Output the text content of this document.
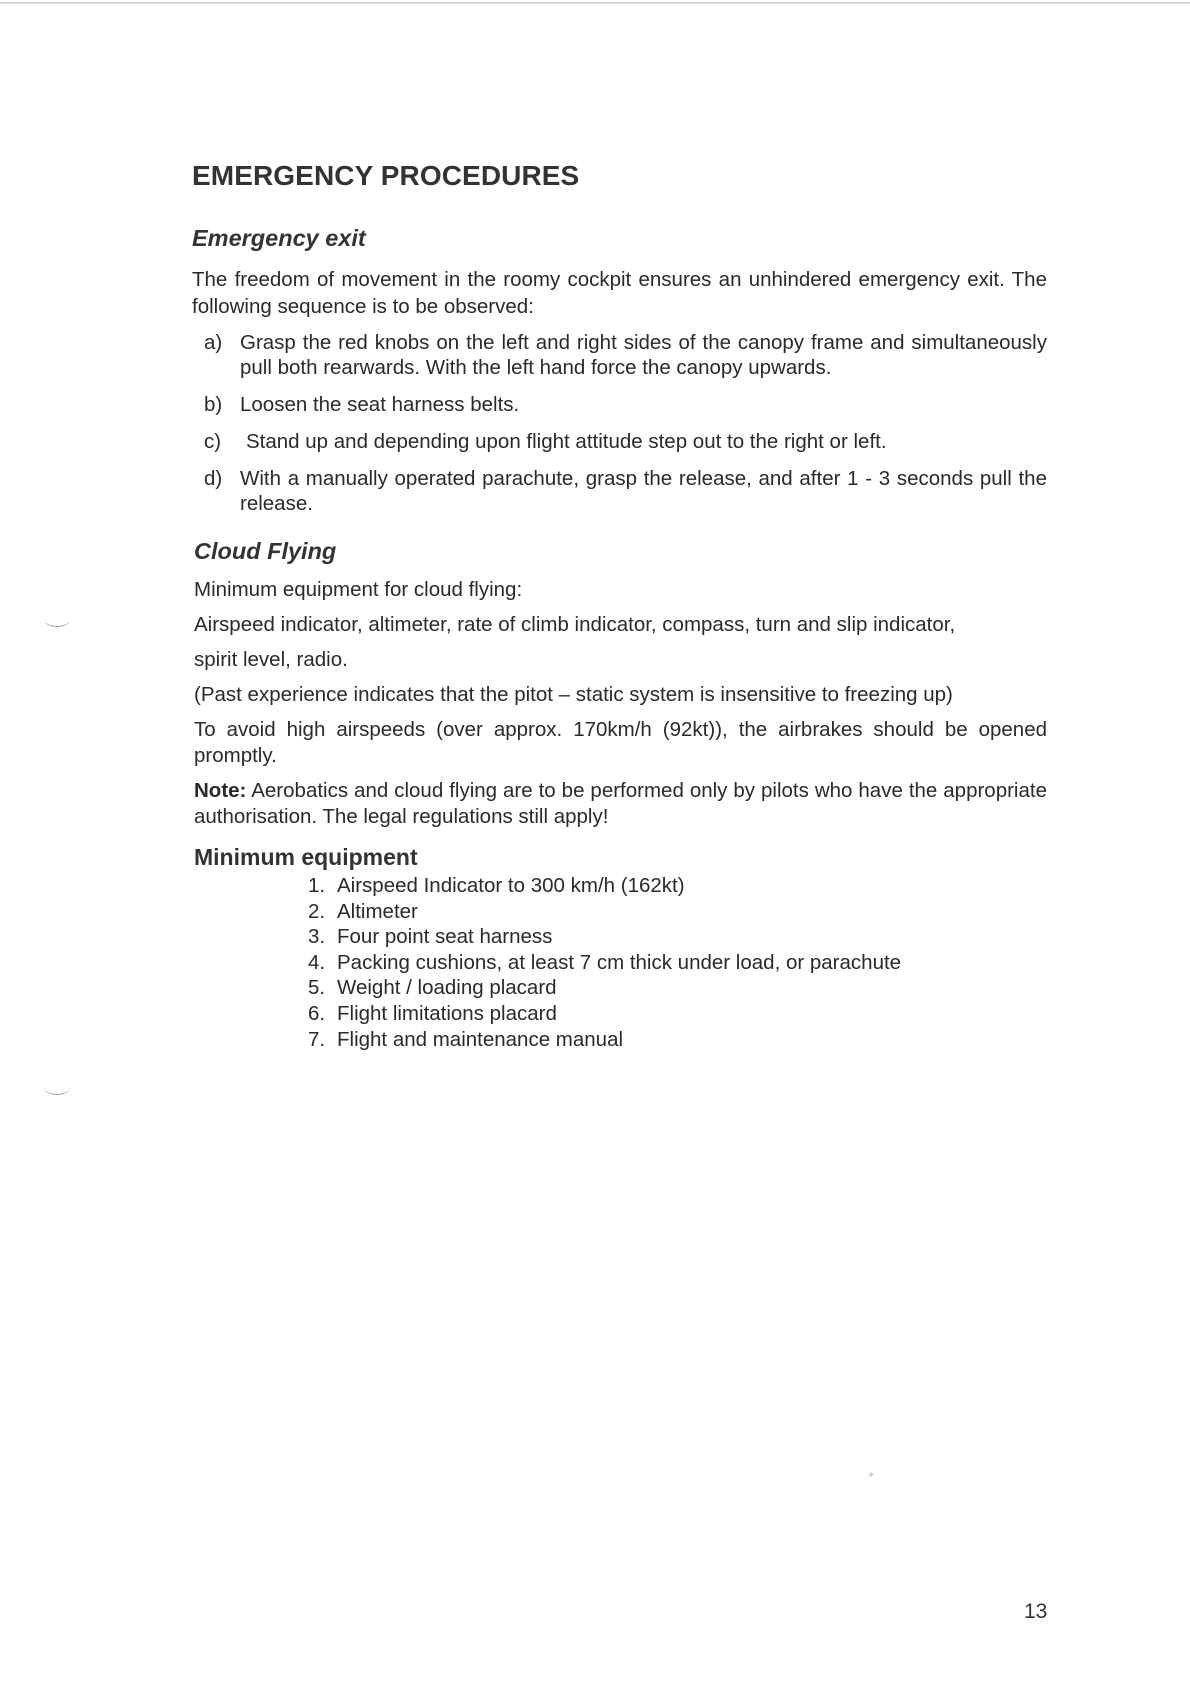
EMERGENCY PROCEDURES
Emergency exit

The freedom of movement in the roomy cockpit ensures an unhindered emergency exit. The following sequence is to be observed:

a) Grasp the red knobs on the left and right sides of the canopy frame and simultaneously pull both rearwards. With the left hand force the canopy upwards.
b) Loosen the seat harness belts.
c) Stand up and depending upon flight attitude step out to the right or left.
d) With a manually operated parachute, grasp the release, and after 1 - 3 seconds pull the release.
Cloud Flying

Minimum equipment for cloud flying:

Airspeed indicator, altimeter, rate of climb indicator, compass, turn and slip indicator,

spirit level, radio.

(Past experience indicates that the pitot – static system is insensitive to freezing up)

To avoid high airspeeds (over approx. 170km/h (92kt)), the airbrakes should be opened promptly.

Note: Aerobatics and cloud flying are to be performed only by pilots who have the appropriate authorisation. The legal regulations still apply!

Minimum equipment
1. Airspeed Indicator to 300 km/h (162kt)
2. Altimeter
3. Four point seat harness
4. Packing cushions, at least 7 cm thick under load, or parachute
5. Weight / loading placard
6. Flight limitations placard
7. Flight and maintenance manual
13
